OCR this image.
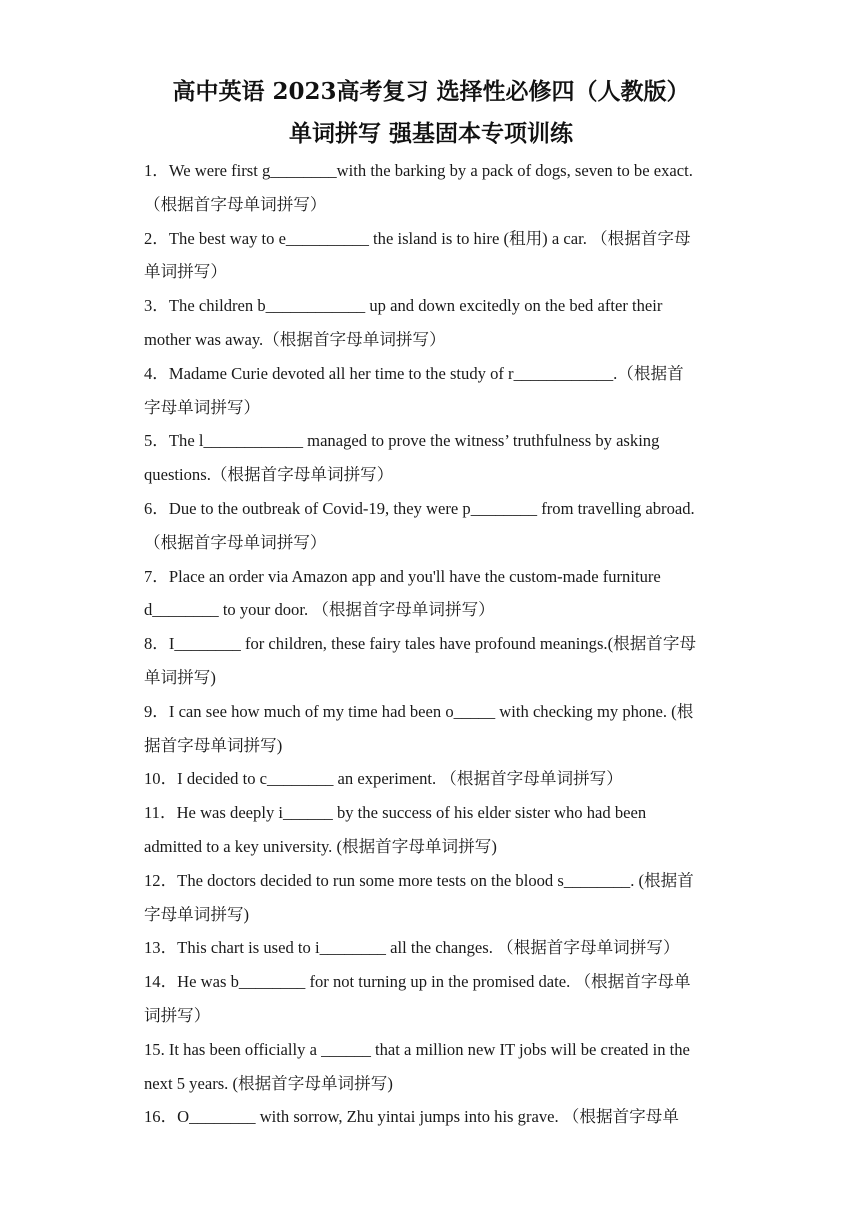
高中英语 2023高考复习 选择性必修四（人教版）
单词拼写 强基固本专项训练

1．We were first g________with the barking by a pack of dogs, seven to be exact.
（根据首字母单词拼写）

2．The best way to e__________ the island is to hire (租用) a car. （根据首字母
单词拼写）

3．The children b____________ up and down excitedly on the bed after their
mother was away.（根据首字母单词拼写）

4．Madame Curie devoted all her time to the study of r____________.（根据首
字母单词拼写）

5．The l____________ managed to prove the witness’ truthfulness by asking
questions.（根据首字母单词拼写）

6．Due to the outbreak of Covid-19, they were p________ from travelling abroad.
（根据首字母单词拼写）

7．Place an order via Amazon app and you'll have the custom-made furniture
d________ to your door. （根据首字母单词拼写）

8．I________ for children, these fairy tales have profound meanings.(根据首字母
单词拼写)

9．I can see how much of my time had been o_____ with checking my phone. (根
据首字母单词拼写)

10．I decided to c________ an experiment. （根据首字母单词拼写）

11．He was deeply i______ by the success of his elder sister who had been
admitted to a key university. (根据首字母单词拼写)

12．The doctors decided to run some more tests on the blood s________. (根据首
字母单词拼写)

13．This chart is used to i________ all the changes. （根据首字母单词拼写）

14．He was b________ for not turning up in the promised date. （根据首字母单
词拼写）

15. It has been officially a ______ that a million new IT jobs will be created in the
next 5 years. (根据首字母单词拼写)

16．O________ with sorrow, Zhu yintai jumps into his grave. （根据首字母单
